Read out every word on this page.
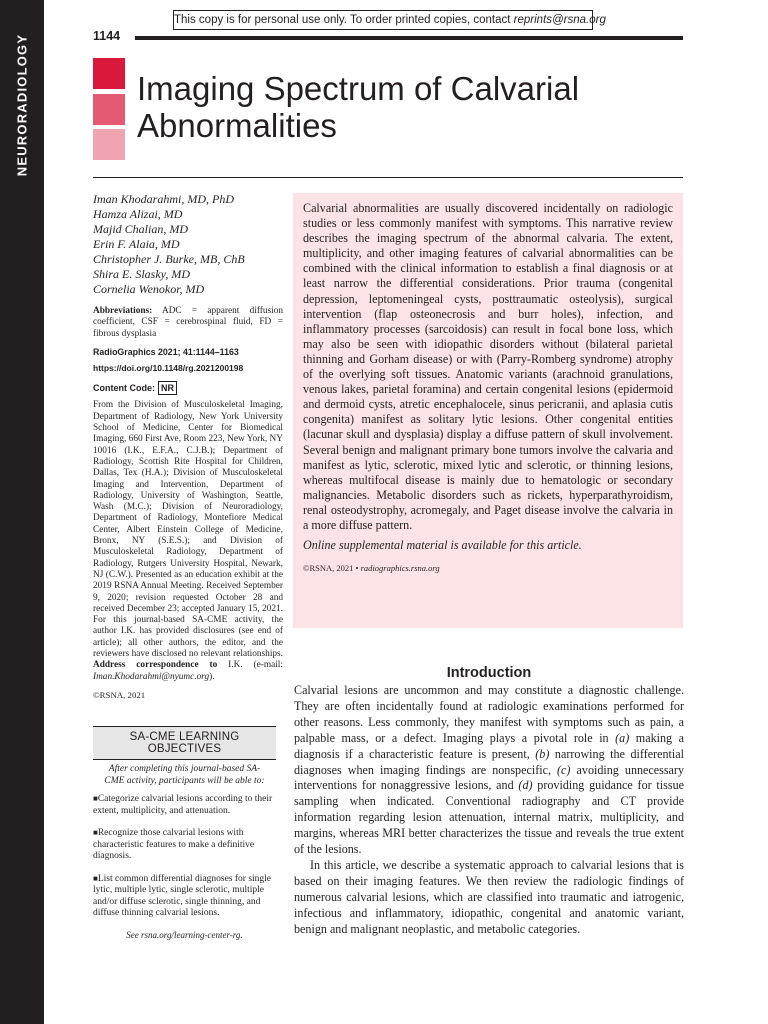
NEURORADIOLOGY
This copy is for personal use only. To order printed copies, contact reprints@rsna.org
1144
Imaging Spectrum of Calvarial Abnormalities
Iman Khodarahmi, MD, PhD
Hamza Alizai, MD
Majid Chalian, MD
Erin F. Alaia, MD
Christopher J. Burke, MB, ChB
Shira E. Slasky, MD
Cornelia Wenokor, MD
Abbreviations: ADC = apparent diffusion coefficient, CSF = cerebrospinal fluid, FD = fibrous dysplasia
RadioGraphics 2021; 41:1144–1163
https://doi.org/10.1148/rg.2021200198
Content Code: NR
From the Division of Musculoskeletal Imaging, Department of Radiology, New York University School of Medicine, Center for Biomedical Imaging, 660 First Ave, Room 223, New York, NY 10016 (I.K., E.F.A., C.J.B.); Department of Radiology, Scottish Rite Hospital for Children, Dallas, Tex (H.A.); Division of Musculoskeletal Imaging and Intervention, Department of Radiology, University of Washington, Seattle, Wash (M.C.); Division of Neuroradiology, Department of Radiology, Montefiore Medical Center, Albert Einstein College of Medicine, Bronx, NY (S.E.S.); and Division of Musculoskeletal Radiology, Department of Radiology, Rutgers University Hospital, Newark, NJ (C.W.). Presented as an education exhibit at the 2019 RSNA Annual Meeting. Received September 9, 2020; revision requested October 28 and received December 23; accepted January 15, 2021. For this journal-based SA-CME activity, the author I.K. has provided disclosures (see end of article); all other authors, the editor, and the reviewers have disclosed no relevant relationships. Address correspondence to I.K. (e-mail: Iman.Khodarahmi@nyumc.org).
©RSNA, 2021
SA-CME LEARNING OBJECTIVES
After completing this journal-based SA-CME activity, participants will be able to:
■Categorize calvarial lesions according to their extent, multiplicity, and attenuation.
■Recognize those calvarial lesions with characteristic features to make a definitive diagnosis.
■List common differential diagnoses for single lytic, multiple lytic, single sclerotic, multiple and/or diffuse sclerotic, single thinning, and diffuse thinning calvarial lesions.
See rsna.org/learning-center-rg.

Calvarial abnormalities are usually discovered incidentally on radiologic studies or less commonly manifest with symptoms. This narrative review describes the imaging spectrum of the abnormal calvaria. The extent, multiplicity, and other imaging features of calvarial abnormalities can be combined with the clinical information to establish a final diagnosis or at least narrow the differential considerations. Prior trauma (congenital depression, leptomeningeal cysts, posttraumatic osteolysis), surgical intervention (flap osteonecrosis and burr holes), infection, and inflammatory processes (sarcoidosis) can result in focal bone loss, which may also be seen with idiopathic disorders without (bilateral parietal thinning and Gorham disease) or with (Parry-Romberg syndrome) atrophy of the overlying soft tissues. Anatomic variants (arachnoid granulations, venous lakes, parietal foramina) and certain congenital lesions (epidermoid and dermoid cysts, atretic encephalocele, sinus pericranii, and aplasia cutis congenita) manifest as solitary lytic lesions. Other congenital entities (lacunar skull and dysplasia) display a diffuse pattern of skull involvement. Several benign and malignant primary bone tumors involve the calvaria and manifest as lytic, sclerotic, mixed lytic and sclerotic, or thinning lesions, whereas multifocal disease is mainly due to hematologic or secondary malignancies. Metabolic disorders such as rickets, hyperparathyroidism, renal osteodystrophy, acromegaly, and Paget disease involve the calvaria in a more diffuse pattern.

Online supplemental material is available for this article.

©RSNA, 2021 • radiographics.rsna.org

Introduction

Calvarial lesions are uncommon and may constitute a diagnostic challenge. They are often incidentally found at radiologic examinations performed for other reasons. Less commonly, they manifest with symptoms such as pain, a palpable mass, or a defect. Imaging plays a pivotal role in (a) making a diagnosis if a characteristic feature is present, (b) narrowing the differential diagnoses when imaging findings are nonspecific, (c) avoiding unnecessary interventions for nonaggressive lesions, and (d) providing guidance for tissue sampling when indicated. Conventional radiography and CT provide information regarding lesion attenuation, internal matrix, multiplicity, and margins, whereas MRI better characterizes the tissue and reveals the true extent of the lesions.

In this article, we describe a systematic approach to calvarial lesions that is based on their imaging features. We then review the radiologic findings of numerous calvarial lesions, which are classified into traumatic and iatrogenic, infectious and inflammatory, idiopathic, congenital and anatomic variant, benign and malignant neoplastic, and metabolic categories.
